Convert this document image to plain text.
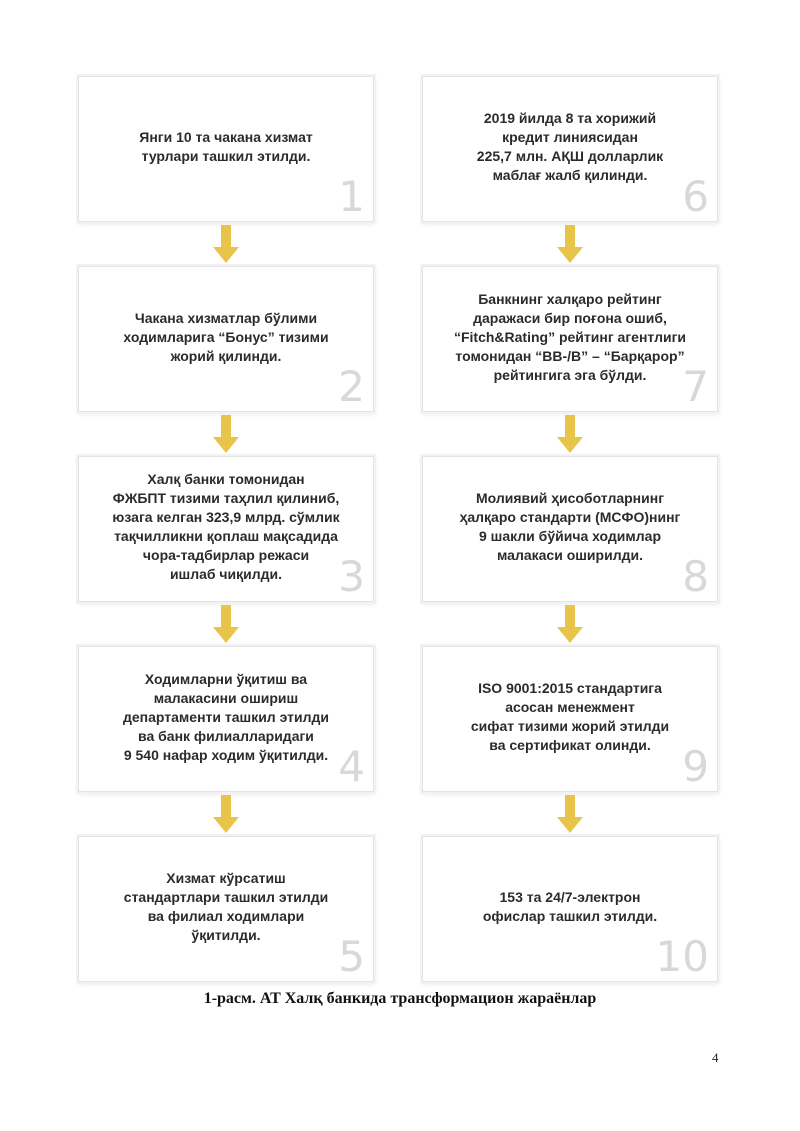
Янги 10 та чакана хизмат
турлари ташкил этилди.
1
Чакана хизматлар бўлими
ходимларига “Бонус” тизими
жорий қилинди.
2
Халқ банки томонидан
ФЖБПТ тизими таҳлил қилиниб,
юзага келган 323,9 млрд. сўмлик
тақчилликни қоплаш мақсадида
чора-тадбирлар режаси
ишлаб чиқилди.	3
Ходимларни ўқитиш ва
малакасини ошириш
департаменти ташкил этилди
ва банк филиалларидаги
9 540 нафар ходим ўқитилди. 4
Хизмат кўрсатиш
стандартлари ташкил этилди
ва филиал ходимлари
ўқитилди.	5
2019 йилда 8 та хорижий
кредит линиясидан
225,7 млн. АҚШ долларлик
маблағ жалб қилинди. 6
Банкнинг халқаро рейтинг
даражаси бир поғона ошиб,
“Fitch&Rating” рейтинг агентлиги
томонидан “ВВ-/В” – “Барқарор”
рейтингига эга бўлди. 7
Молиявий ҳисоботларнинг
ҳалқаро стандарти (МСФО)нинг
9 шакли бўйича ходимлар
малакаси оширилди. 8
ISO 9001:2015 стандартига
асосан менежмент
сифат тизими жорий этилди
ва сертификат олинди. 9
153 та 24/7-электрон
офислар ташкил этилди.
10
1-расм. АТ Халқ банкида трансформацион жараёнлар
4
